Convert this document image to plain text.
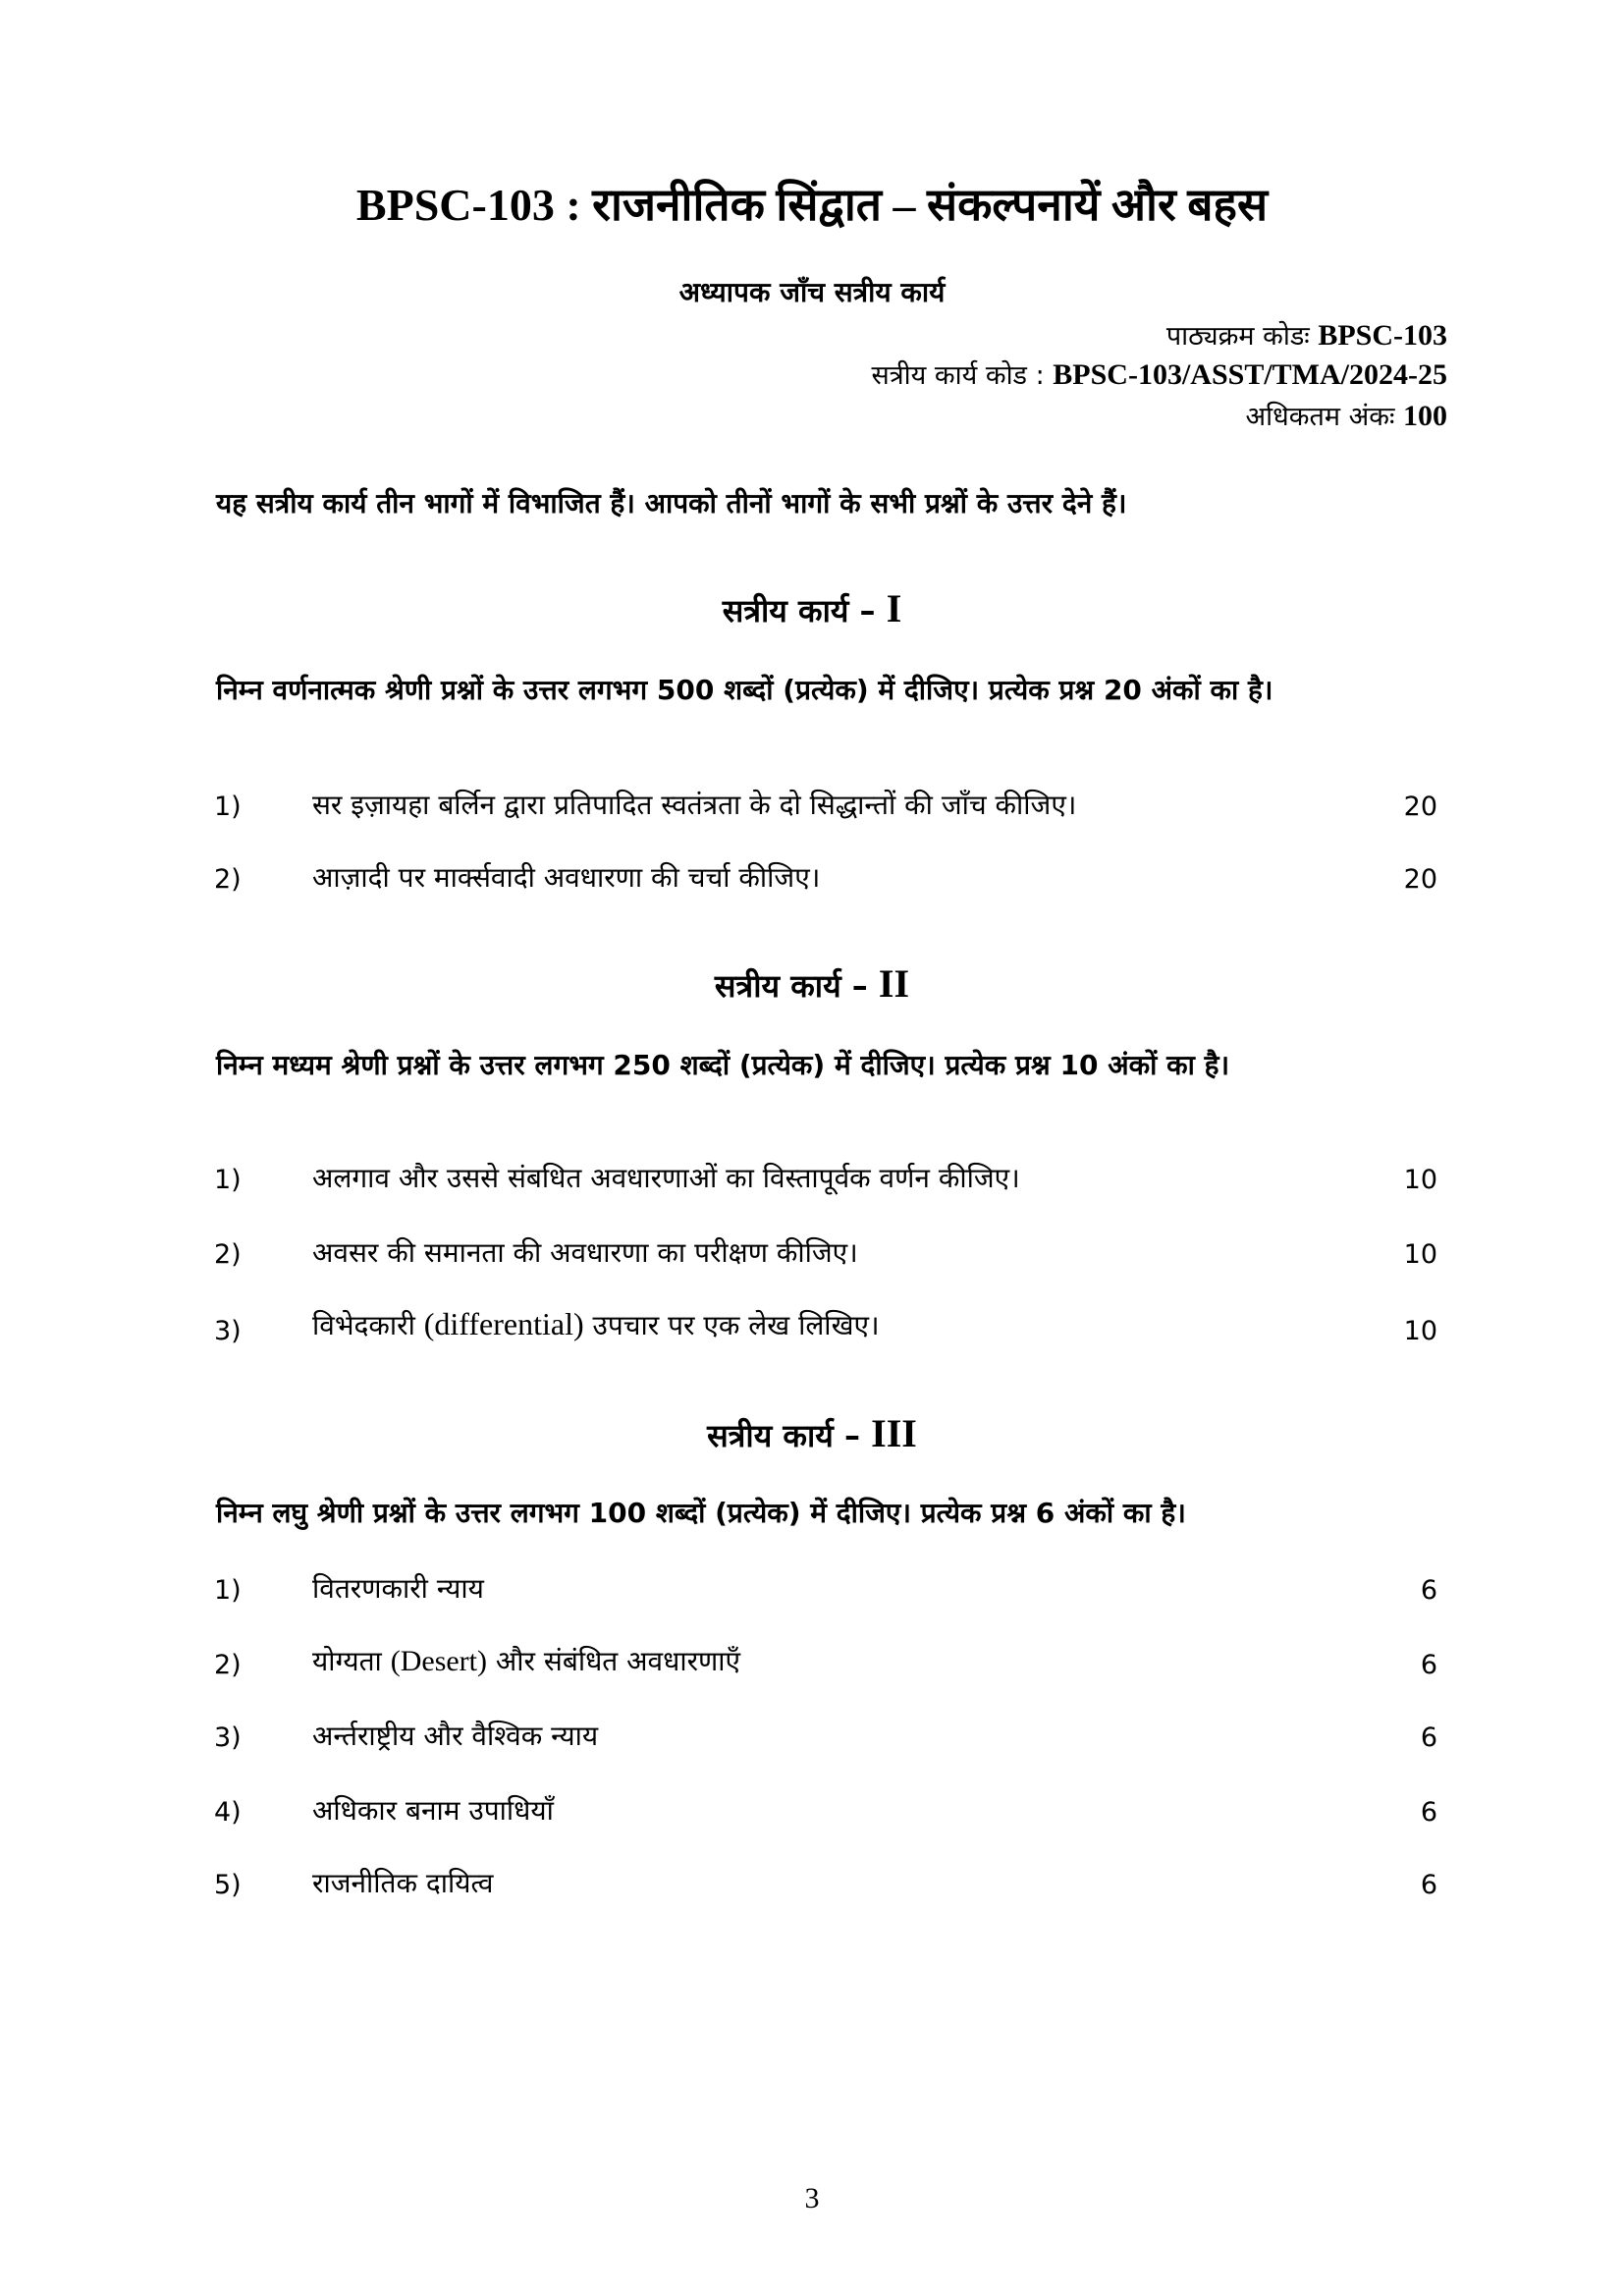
BPSC-103 : राजनीतिक सिंद्वात – संकल्पनायें और बहस
अध्यापक जाँच सत्रीय कार्य
पाठ्यक्रम कोडः BPSC-103
सत्रीय कार्य कोड : BPSC-103/ASST/TMA/2024-25
अधिकतम अंकः 100
यह सत्रीय कार्य तीन भागों में विभाजित हैं। आपको तीनों भागों के सभी प्रश्नों के उत्तर देने हैं।
सत्रीय कार्य – I
निम्न वर्णनात्मक श्रेणी प्रश्नों के उत्तर लगभग 500 शब्दों (प्रत्येक) में दीजिए। प्रत्येक प्रश्न 20 अंकों का है।
1)	सर इज़ायहा बर्लिन द्वारा प्रतिपादित स्वतंत्रता के दो सिद्धान्तों की जाँच कीजिए।	20
2)	आज़ादी पर मार्क्सवादी अवधारणा की चर्चा कीजिए।	20
सत्रीय कार्य – II
निम्न मध्यम श्रेणी प्रश्नों के उत्तर लगभग 250 शब्दों (प्रत्येक) में दीजिए। प्रत्येक प्रश्न 10 अंकों का है।
1)	अलगाव और उससे संबधित अवधारणाओं का विस्तापूर्वक वर्णन कीजिए।	10
2)	अवसर की समानता की अवधारणा का परीक्षण कीजिए।	10
3)	विभेदकारी (differential) उपचार पर एक लेख लिखिए।	10
सत्रीय कार्य – III
निम्न लघु श्रेणी प्रश्नों के उत्तर लगभग 100 शब्दों (प्रत्येक) में दीजिए। प्रत्येक प्रश्न 6 अंकों का है।
1)	वितरणकारी न्याय	6
2)	योग्यता (Desert) और संबंधित अवधारणाएँ	6
3)	अर्न्तराष्ट्रीय और वैश्विक न्याय	6
4)	अधिकार बनाम उपाधियाँ	6
5)	राजनीतिक दायित्व	6
3
